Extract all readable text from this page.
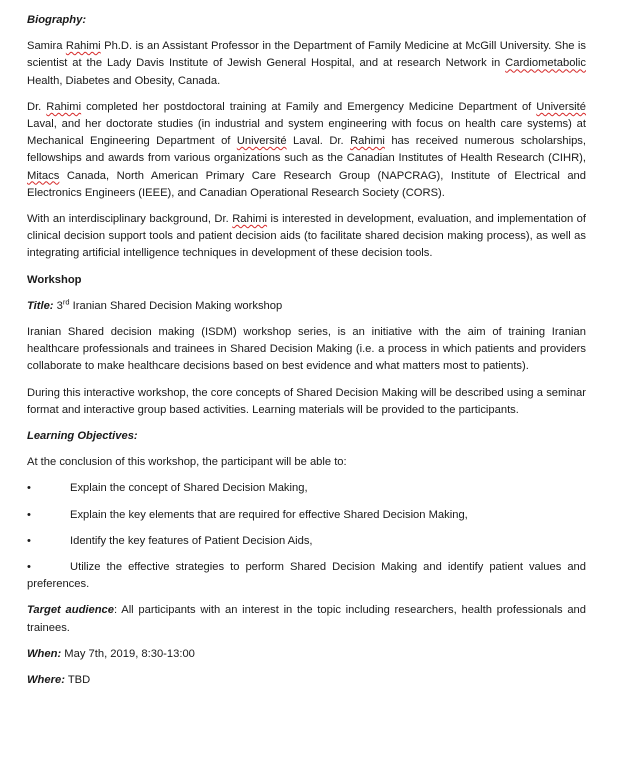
Biography:

Samira Rahimi Ph.D. is an Assistant Professor in the Department of Family Medicine at McGill University. She is scientist at the Lady Davis Institute of Jewish General Hospital, and at research Network in Cardiometabolic Health, Diabetes and Obesity, Canada.

Dr. Rahimi completed her postdoctoral training at Family and Emergency Medicine Department of Université Laval, and her doctorate studies (in industrial and system engineering with focus on health care systems) at Mechanical Engineering Department of Université Laval. Dr. Rahimi has received numerous scholarships, fellowships and awards from various organizations such as the Canadian Institutes of Health Research (CIHR), Mitacs Canada, North American Primary Care Research Group (NAPCRAG), Institute of Electrical and Electronics Engineers (IEEE), and Canadian Operational Research Society (CORS).

With an interdisciplinary background, Dr. Rahimi is interested in development, evaluation, and implementation of clinical decision support tools and patient decision aids (to facilitate shared decision making process), as well as integrating artificial intelligence techniques in development of these decision tools.

Workshop

Title: 3rd Iranian Shared Decision Making workshop

Iranian Shared decision making (ISDM) workshop series, is an initiative with the aim of training Iranian healthcare professionals and trainees in Shared Decision Making (i.e. a process in which patients and providers collaborate to make healthcare decisions based on best evidence and what matters most to patients).

During this interactive workshop, the core concepts of Shared Decision Making will be described using a seminar format and interactive group based activities. Learning materials will be provided to the participants.

Learning Objectives:

At the conclusion of this workshop, the participant will be able to:

•	Explain the concept of Shared Decision Making,

•	Explain the key elements that are required for effective Shared Decision Making,

•	Identify the key features of Patient Decision Aids,

•	Utilize the effective strategies to perform Shared Decision Making and identify patient values and preferences.

Target audience: All participants with an interest in the topic including researchers, health professionals and trainees.

When: May 7th, 2019, 8:30-13:00

Where: TBD
